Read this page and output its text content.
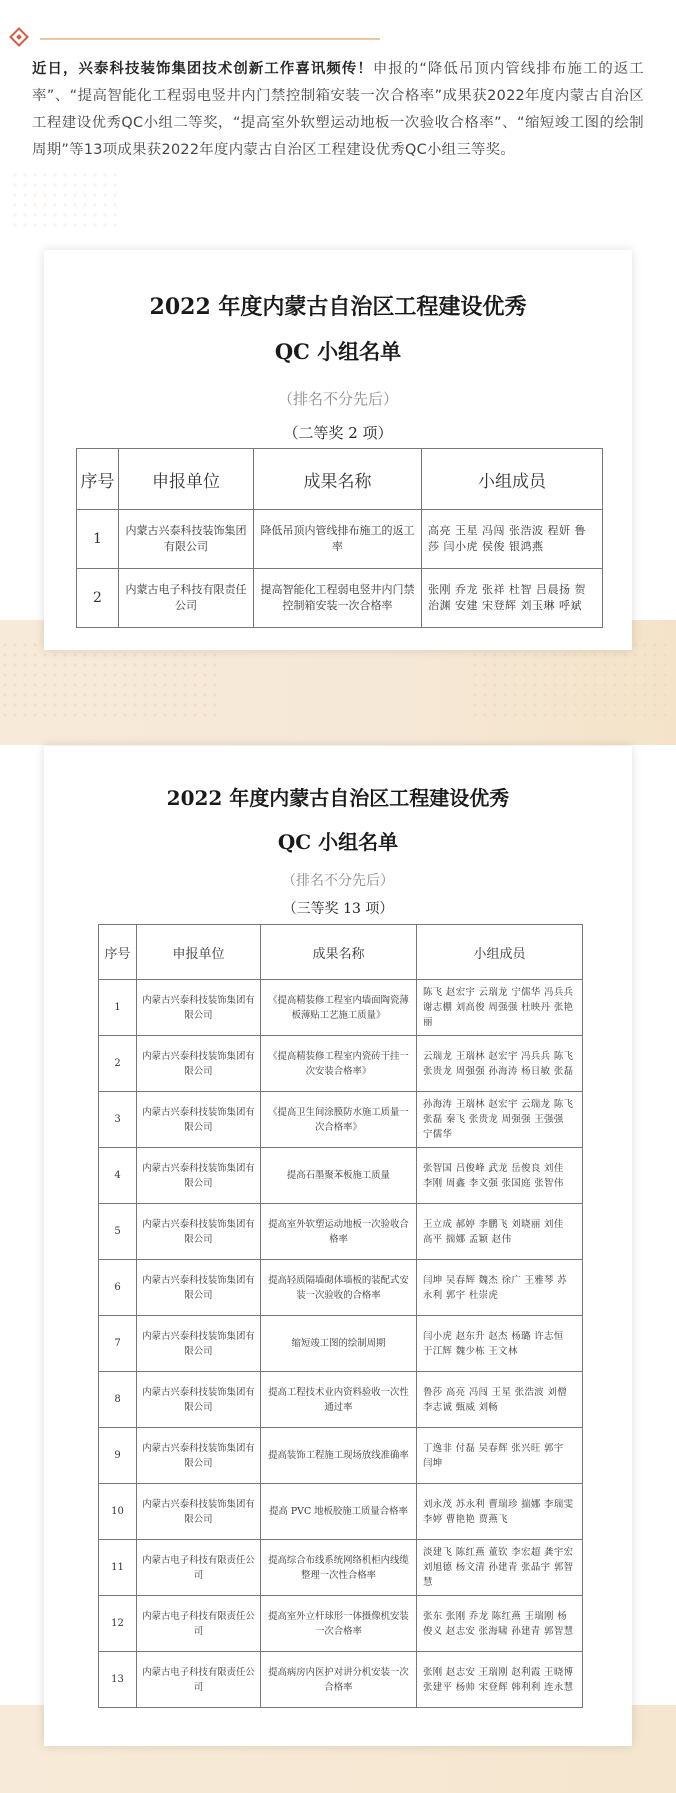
近日，兴泰科技装饰集团技术创新工作喜讯频传！申报的“降低吊顶内管线排布施工的返工率”、“提高智能化工程弱电竖井内门禁控制箱安装一次合格率”成果获2022年度内蒙古自治区工程建设优秀QC小组二等奖，“提高室外软塑运动地板一次验收合格率”、“缩短竣工图的绘制周期”等13项成果获2022年度内蒙古自治区工程建设优秀QC小组三等奖。
2022 年度内蒙古自治区工程建设优秀
QC 小组名单
（排名不分先后）
（二等奖 2 项）
序号	申报单位	成果名称	小组成员
1	内蒙古兴泰科技装饰集团有限公司	降低吊顶内管线排布施工的返工率	高亮 王星 冯闯 张浩波 程妍 鲁莎 闫小虎 侯俊 银鸿燕
2	内蒙古电子科技有限责任公司	提高智能化工程弱电竖井内门禁控制箱安装一次合格率	张刚 乔龙 张祥 杜智 吕晨扬 贺治渊 安建 宋登辉 刘玉琳 呼斌
2022 年度内蒙古自治区工程建设优秀
QC 小组名单
（排名不分先后）
（三等奖 13 项）
序号	申报单位	成果名称	小组成员
1	内蒙古兴泰科技装饰集团有限公司	《提高精装修工程室内墙面陶瓷薄板薄贴工艺施工质量》	陈飞 赵宏宇 云瑞龙 宁儒华 冯兵兵 谢志棚 刘高俊 周强强 杜映丹 张艳丽
2	内蒙古兴泰科技装饰集团有限公司	《提高精装修工程室内瓷砖干挂一次安装合格率》	云瑞龙 王瑞林 赵宏宇 冯兵兵 陈飞 张贵龙 周强强 孙海涛 杨日敏 张磊
3	内蒙古兴泰科技装饰集团有限公司	《提高卫生间涂膜防水施工质量一次合格率》	孙海涛 王瑞林 赵宏宇 云瑞龙 陈飞 张磊 秦飞 张贵龙 周强强 王强强 宁儒华
4	内蒙古兴泰科技装饰集团有限公司	提高石墨聚苯板施工质量	张智国 吕俊峰 武龙 岳俊良 刘佳 李刚 周鑫 李文强 张国庭 张智伟
5	内蒙古兴泰科技装饰集团有限公司	提高室外软塑运动地板一次验收合格率	王立成 郝婷 李鹏飞 刘晓丽 刘佳 高平 揣娜 孟颖 赵伟
6	内蒙古兴泰科技装饰集团有限公司	提高轻质隔墙砌体墙板的装配式安装一次验收的合格率	闫坤 吴春辉 魏杰 徐广 王雅琴 苏永利 郭宇 杜崇虎
7	内蒙古兴泰科技装饰集团有限公司	缩短竣工图的绘制周期	闫小虎 赵东升 赵杰 杨璐 许志恒 于江辉 魏少栋 王文林
8	内蒙古兴泰科技装饰集团有限公司	提高工程技术业内资料验收一次性通过率	鲁莎 高亮 冯闯 王星 张浩波 刘僧 李志诚 甄威 刘畅
9	内蒙古兴泰科技装饰集团有限公司	提高装饰工程施工现场放线准确率	丁逸非 付磊 吴春辉 张兴旺 郭宇 闫坤
10	内蒙古兴泰科技装饰集团有限公司	提高 PVC 地板胶施工质量合格率	刘永茂 苏永利 曹瑞珍 揣娜 李瑞雯 李婷 曹艳艳 贾燕飞
11	内蒙古电子科技有限责任公司	提高综合布线系统网络机柜内线缆整理一次性合格率	淡建飞 陈红燕 董钦 李宏超 龚宇宏 刘旭德 杨文清 孙建青 张晶宇 郭智慧
12	内蒙古电子科技有限责任公司	提高室外立杆球形一体摄像机安装一次合格率	张东 张刚 乔龙 陈红燕 王瑞刚 杨俊义 赵志安 张海啸 孙建青 郭智慧
13	内蒙古电子科技有限责任公司	提高病房内医护对讲分机安装一次合格率	张刚 赵志安 王瑞刚 赵利霞 王晓博 张建平 杨帅 宋登辉 韩利利 连永慧
